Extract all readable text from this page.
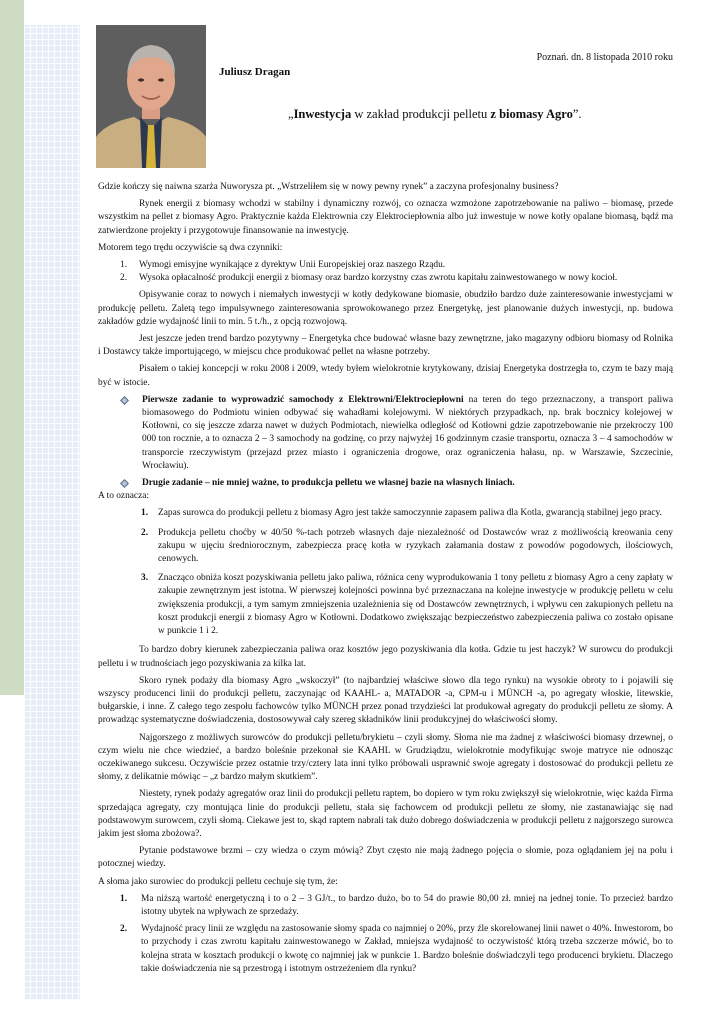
Poznań. dn. 8 listopada 2010 roku
Juliusz Dragan
„Inwestycja w zakład produkcji pelletu z biomasy Agro”.

Gdzie kończy się naiwna szarża Nuworysza pt. „Wstrzeliłem się w nowy pewny rynek” a zaczyna profesjonalny business?

Rynek energii z biomasy wchodzi w stabilny i dynamiczny rozwój, co oznacza wzmożone zapotrzebowanie na paliwo – biomasę, przede wszystkim na pellet z biomasy Agro. Praktycznie każda Elektrownia czy Elektrociepłownia albo już inwestuje w nowe kotły opalane biomasą, bądź ma zatwierdzone projekty i przygotowuje finansowanie na inwestycję.

Motorem tego trędu oczywiście są dwa czynniki:

1. Wymogi emisyjne wynikające z dyrektyw Unii Europejskiej oraz naszego Rządu.
2. Wysoka opłacalność produkcji energii z biomasy oraz bardzo korzystny czas zwrotu kapitału zainwestowanego w nowy kocioł.

Opisywanie coraz to nowych i niemałych inwestycji w kotły dedykowane biomasie, obudziło bardzo duże zainteresowanie inwestycjami w produkcję pelletu. Zaletą tego impulsywnego zainteresowania sprowokowanego przez Energetykę, jest planowanie dużych inwestycji, np. budowa zakładów gdzie wydajność linii to min. 5 t./h., z opcją rozwojową.

Jest jeszcze jeden trend bardzo pozytywny – Energetyka chce budować własne bazy zewnętrzne, jako magazyny odbioru biomasy od Rolnika i Dostawcy także importującego, w miejscu chce produkować pellet na własne potrzeby.

Pisałem o takiej koncepcji w roku 2008 i 2009, wtedy byłem wielokrotnie krytykowany, dzisiaj Energetyka dostrzegła to, czym te bazy mają być w istocie.

Pierwsze zadanie to wyprowadzić samochody z Elektrowni/Elektrociepłowni na teren do tego przeznaczony, a transport paliwa biomasowego do Podmiotu winien odbywać się wahadłami kolejowymi. W niektórych przypadkach, np. brak bocznicy kolejowej w Kotłowni, co się jeszcze zdarza nawet w dużych Podmiotach, niewielka odległość od Kotłowni gdzie zapotrzebowanie nie przekroczy 100 000 ton rocznie, a to oznacza 2 – 3 samochody na godzinę, co przy najwyżej 16 godzinnym czasie transportu, oznacza 3 – 4 samochodów w transporcie rzeczywistym (przejazd przez miasto i ograniczenia drogowe, oraz ograniczenia hałasu, np. w Warszawie, Szczecinie, Wrocławiu).
Drugie zadanie – nie mniej ważne, to produkcja pelletu we własnej bazie na własnych liniach.

A to oznacza:

1. Zapas surowca do produkcji pelletu z biomasy Agro jest także samoczynnie zapasem paliwa dla Kotla, gwarancją stabilnej jego pracy.
2. Produkcja pelletu choćby w 40/50 %-tach potrzeb własnych daje niezależność od Dostawców wraz z możliwością kreowania ceny zakupu w ujęciu średniorocznym, zabezpiecza pracę kotła w ryzykach załamania dostaw z powodów pogodowych, ilościowych, cenowych.
3. Znacząco obniża koszt pozyskiwania pelletu jako paliwa, różnica ceny wyprodukowania 1 tony pelletu z biomasy Agro a ceny zapłaty w zakupie zewnętrznym jest istotna. W pierwszej kolejności powinna być przeznaczana na kolejne inwestycje w produkcję pelletu w celu zwiększenia produkcji, a tym samym zmniejszenia uzależnienia się od Dostawców zewnętrznych, i wpływu cen zakupionych pelletu na koszt produkcji energii z biomasy Agro w Kotłowni. Dodatkowo zwiększając bezpieczeństwo zabezpieczenia paliwa co zostało opisane w punkcie 1 i 2.

To bardzo dobry kierunek zabezpieczania paliwa oraz kosztów jego pozyskiwania dla kotła. Gdzie tu jest haczyk? W surowcu do produkcji pelletu i w trudnościach jego pozyskiwania za kilka lat.

Skoro rynek podaży dla biomasy Agro „wskoczył” (to najbardziej właściwe słowo dla tego rynku) na wysokie obroty to i pojawili się wszyscy producenci linii do produkcji pelletu, zaczynając od KAAHL- a, MATADOR -a, CPM-u i MÜNCH -a, po agregaty włoskie, litewskie, bułgarskie, i inne. Z całego tego zespołu fachowców tylko MÜNCH przez ponad trzydzieści lat produkował agregaty do produkcji pelletu ze słomy. A prowadząc systematyczne doświadczenia, dostosowywał cały szereg składników linii produkcyjnej do właściwości słomy.

Najgorszego z możliwych surowców do produkcji pelletu/brykietu – czyli słomy. Słoma nie ma żadnej z właściwości biomasy drzewnej, o czym wielu nie chce wiedzieć, a bardzo boleśnie przekonał sie KAAHL w Grudziądzu, wielokrotnie modyfikując swoje matryce nie odnosząc oczekiwanego sukcesu. Oczywiście przez ostatnie trzy/cztery lata inni tylko próbowali usprawnić swoje agregaty i dostosować do produkcji pelletu ze słomy, z delikatnie mówiąc – „z bardzo małym skutkiem”.

Niestety, rynek podaży agregatów oraz linii do produkcji pelletu raptem, bo dopiero w tym roku zwiększył się wielokrotnie, więc każda Firma sprzedająca agregaty, czy montująca linie do produkcji pelletu, stała się fachowcem od produkcji pelletu ze słomy, nie zastanawiając się nad podstawowym surowcem, czyli słomą. Ciekawe jest to, skąd raptem nabrali tak dużo dobrego doświadczenia w produkcji pelletu z najgorszego surowca jakim jest słoma zbożowa?.

Pytanie podstawowe brzmi – czy wiedza o czym mówią? Zbyt często nie mają żadnego pojęcia o słomie, poza oglądaniem jej na polu i potocznej wiedzy.

A słoma jako surowiec do produkcji pelletu cechuje się tym, że:

1. Ma niższą wartość energetyczną i to o 2 – 3 GJ/t., to bardzo dużo, bo to 54 do prawie 80,00 zł. mniej na jednej tonie. To przecież bardzo istotny ubytek na wpływach ze sprzedaży.
2. Wydajność pracy linii ze względu na zastosowanie słomy spada co najmniej o 20%, przy źle skorelowanej linii nawet o 40%. Inwestorom, bo to przychody i czas zwrotu kapitału zainwestowanego w Zakład, mniejsza wydajność to oczywistość którą trzeba szczerze mówić, bo to kolejna strata w kosztach produkcji o kwotę co najmniej jak w punkcie 1. Bardzo boleśnie doświadczyli tego producenci brykietu. Dlaczego takie doświadczenia nie są przestrogą i istotnym ostrzeżeniem dla rynku?
